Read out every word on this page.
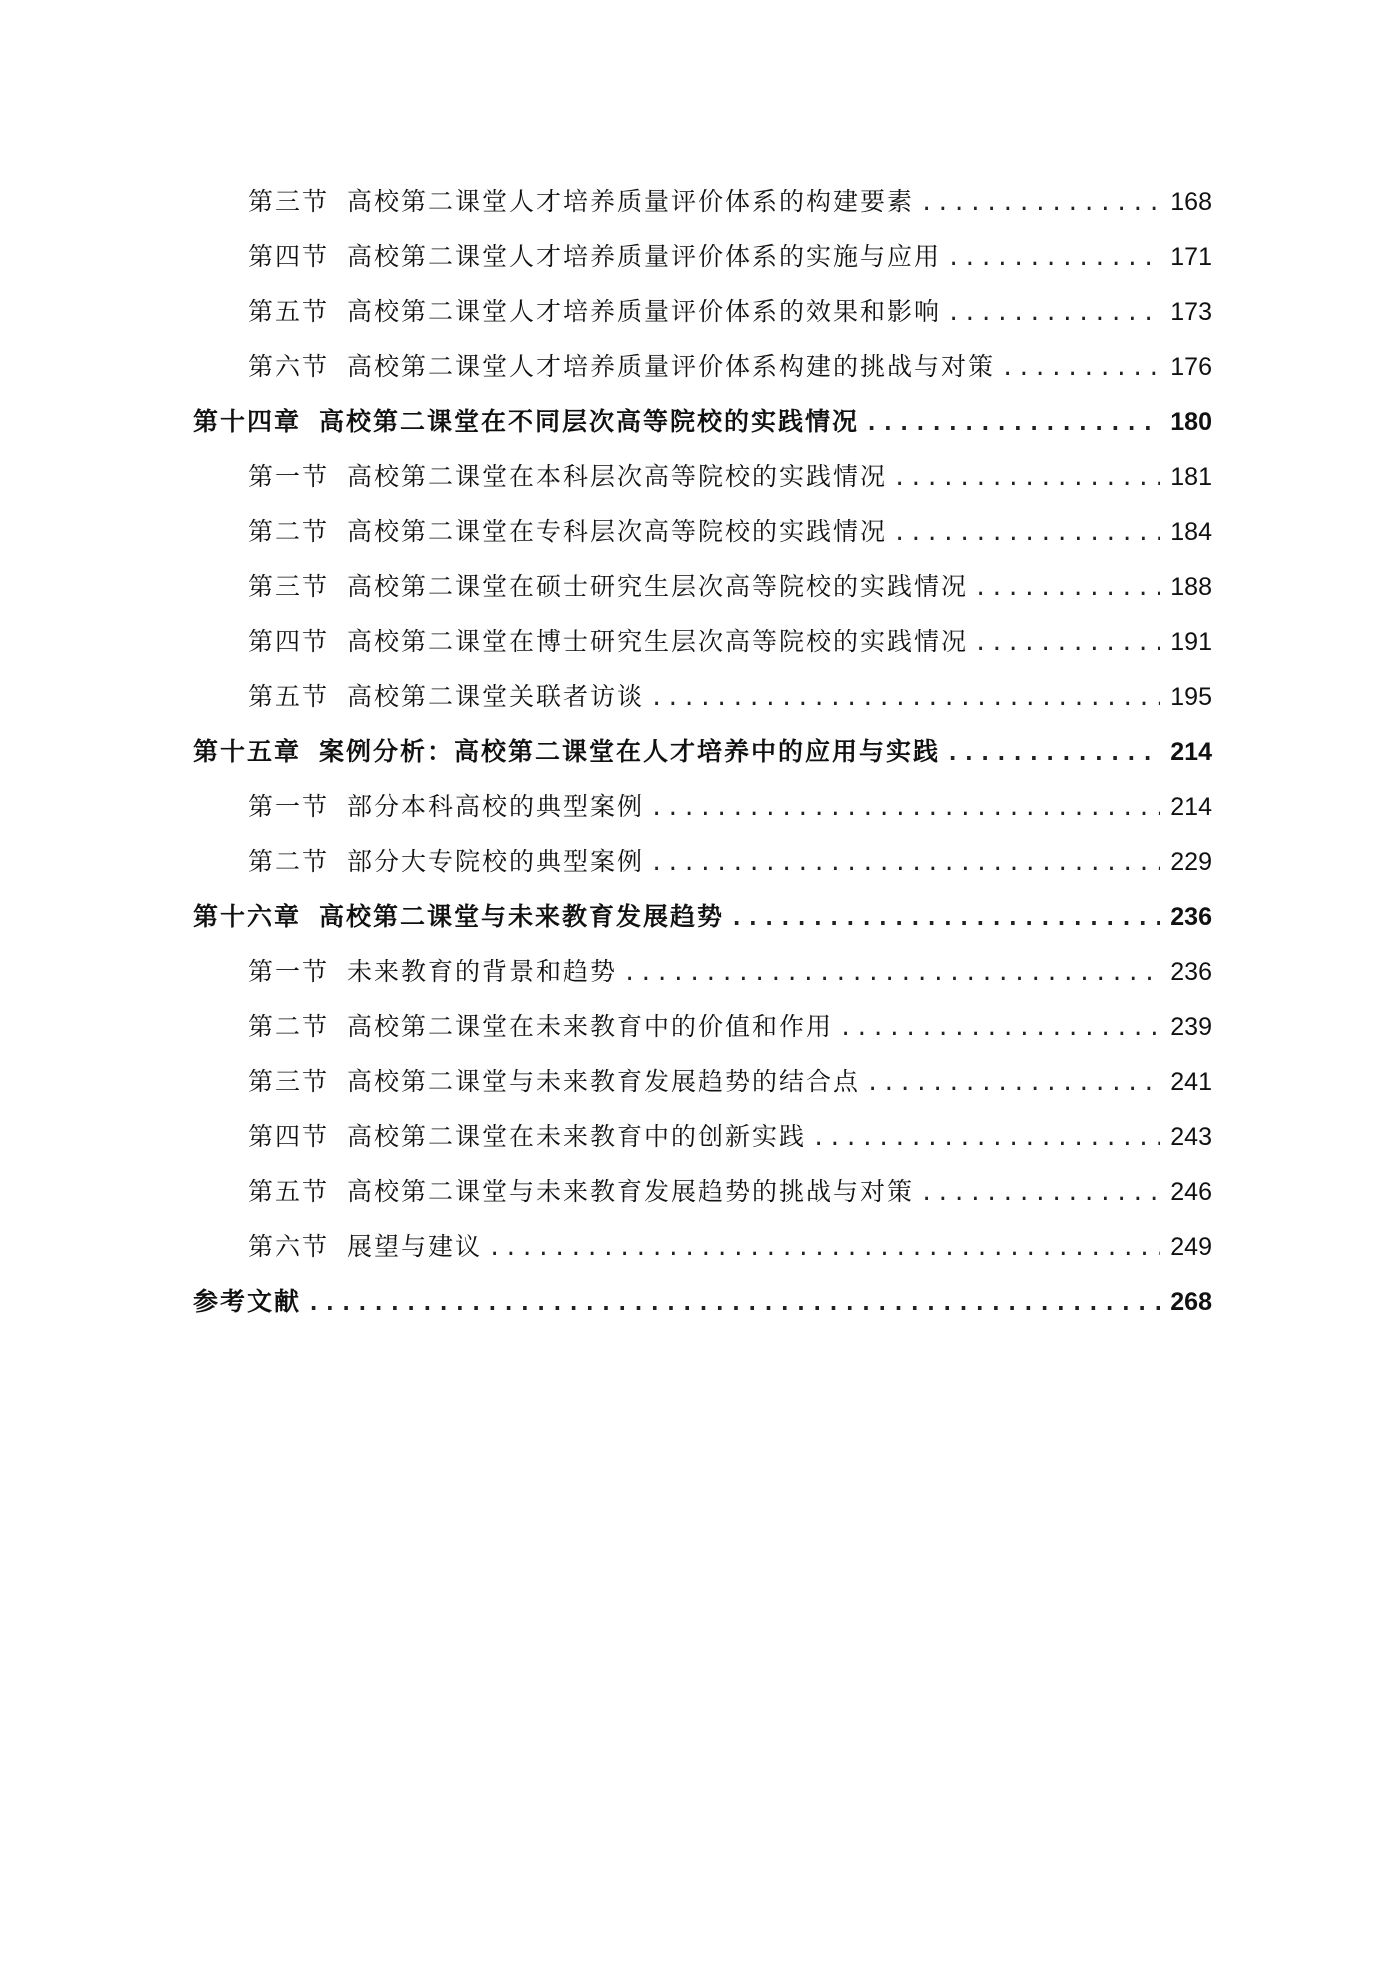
第三节 高校第二课堂人才培养质量评价体系的构建要素 .....	168
第四节 高校第二课堂人才培养质量评价体系的实施与应用 .....	171
第五节 高校第二课堂人才培养质量评价体系的效果和影响 .....	173
第六节 高校第二课堂人才培养质量评价体系构建的挑战与对策 .....	176
第十四章 高校第二课堂在不同层次高等院校的实践情况 .....	180
第一节 高校第二课堂在本科层次高等院校的实践情况 .....	181
第二节 高校第二课堂在专科层次高等院校的实践情况 .....	184
第三节 高校第二课堂在硕士研究生层次高等院校的实践情况 .....	188
第四节 高校第二课堂在博士研究生层次高等院校的实践情况 .....	191
第五节 高校第二课堂关联者访谈 .....	195
第十五章 案例分析：高校第二课堂在人才培养中的应用与实践 .....	214
第一节 部分本科高校的典型案例 .....	214
第二节 部分大专院校的典型案例 .....	229
第十六章 高校第二课堂与未来教育发展趋势 .....	236
第一节 未来教育的背景和趋势 .....	236
第二节 高校第二课堂在未来教育中的价值和作用 .....	239
第三节 高校第二课堂与未来教育发展趋势的结合点 .....	241
第四节 高校第二课堂在未来教育中的创新实践 .....	243
第五节 高校第二课堂与未来教育发展趋势的挑战与对策 .....	246
第六节 展望与建议 .....	249
参考文献 .....	268
